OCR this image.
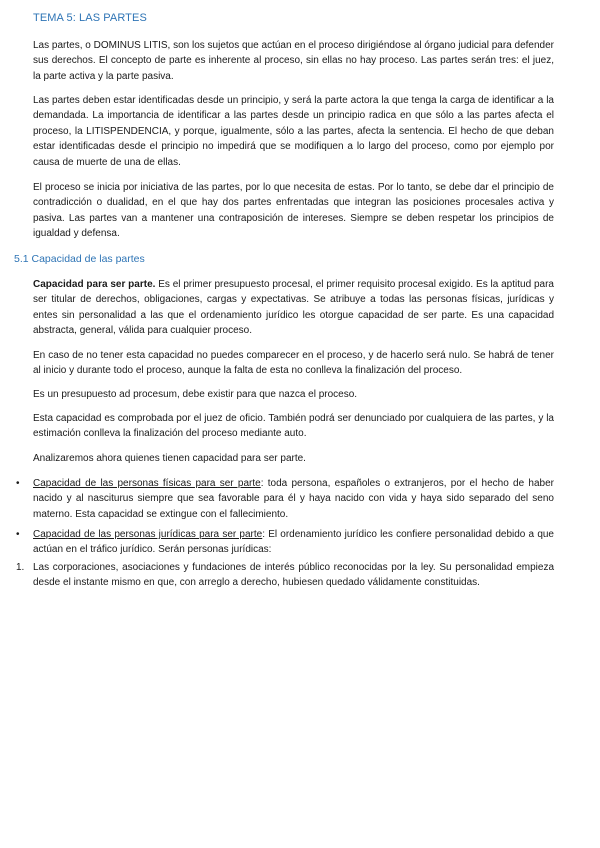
TEMA 5: LAS PARTES

Las partes, o DOMINUS LITIS, son los sujetos que actúan en el proceso dirigiéndose al órgano judicial para defender sus derechos. El concepto de parte es inherente al proceso, sin ellas no hay proceso. Las partes serán tres: el juez, la parte activa y la parte pasiva.

Las partes deben estar identificadas desde un principio, y será la parte actora la que tenga la carga de identificar a la demandada. La importancia de identificar a las partes desde un principio radica en que sólo a las partes afecta el proceso, la LITISPENDENCIA, y porque, igualmente, sólo a las partes, afecta la sentencia. El hecho de que deban estar identificadas desde el principio no impedirá que se modifiquen a lo largo del proceso, como por ejemplo por causa de muerte de una de ellas.

El proceso se inicia por iniciativa de las partes, por lo que necesita de estas. Por lo tanto, se debe dar el principio de contradicción o dualidad, en el que hay dos partes enfrentadas que integran las posiciones procesales activa y pasiva. Las partes van a mantener una contraposición de intereses. Siempre se deben respetar los principios de igualdad y defensa.

5.1 Capacidad de las partes

Capacidad para ser parte. Es el primer presupuesto procesal, el primer requisito procesal exigido. Es la aptitud para ser titular de derechos, obligaciones, cargas y expectativas. Se atribuye a todas las personas físicas, jurídicas y entes sin personalidad a las que el ordenamiento jurídico les otorgue capacidad de ser parte. Es una capacidad abstracta, general, válida para cualquier proceso.

En caso de no tener esta capacidad no puedes comparecer en el proceso, y de hacerlo será nulo. Se habrá de tener al inicio y durante todo el proceso, aunque la falta de esta no conlleva la finalización del proceso.

Es un presupuesto ad procesum, debe existir para que nazca el proceso.

Esta capacidad es comprobada por el juez de oficio. También podrá ser denunciado por cualquiera de las partes, y la estimación conlleva la finalización del proceso mediante auto.

Analizaremos ahora quienes tienen capacidad para ser parte.

•	Capacidad de las personas físicas para ser parte: toda persona, españoles o extranjeros, por el hecho de haber nacido y al nasciturus siempre que sea favorable para él y haya nacido con vida y haya sido separado del seno materno. Esta capacidad se extingue con el fallecimiento.
•	Capacidad de las personas jurídicas para ser parte: El ordenamiento jurídico les confiere personalidad debido a que actúan en el tráfico jurídico. Serán personas jurídicas:
1. Las corporaciones, asociaciones y fundaciones de interés público reconocidas por la ley. Su personalidad empieza desde el instante mismo en que, con arreglo a derecho, hubiesen quedado válidamente constituidas.
